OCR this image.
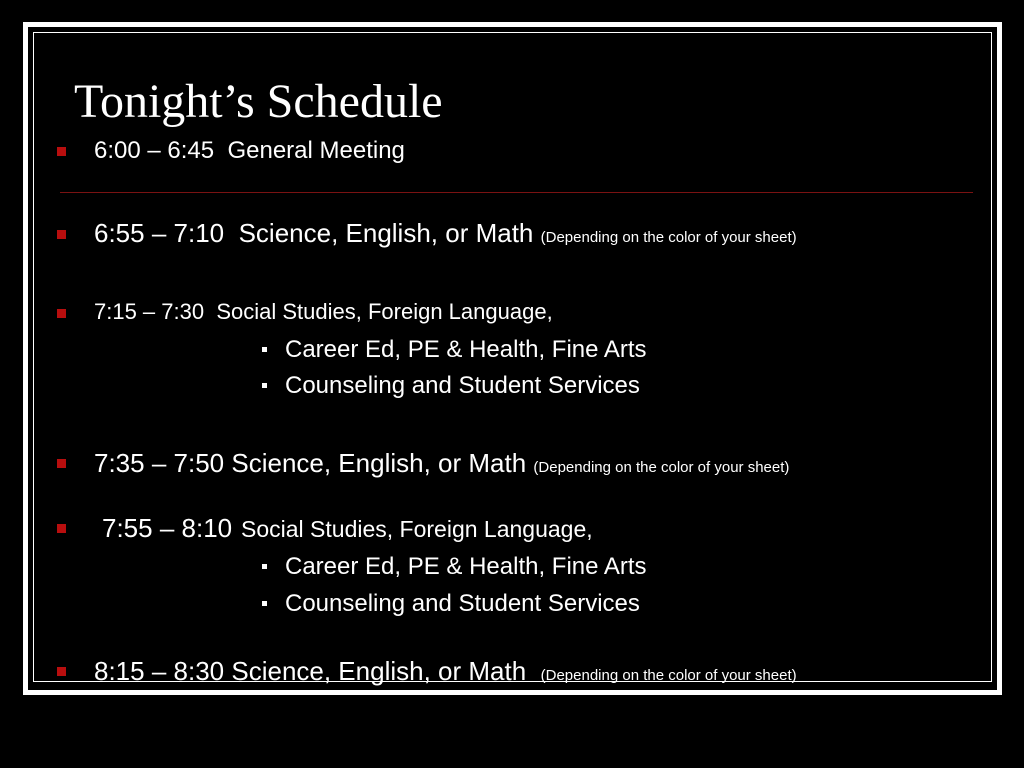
Tonight’s Schedule
6:00 – 6:45 General Meeting
6:55 – 7:10 Science, English, or Math (Depending on the color of your sheet)
7:15 – 7:30 Social Studies, Foreign Language,
Career Ed, PE & Health, Fine Arts
Counseling and Student Services
7:35 – 7:50 Science, English, or Math (Depending on the color of your sheet)
7:55 – 8:10 Social Studies, Foreign Language,
Career Ed, PE & Health, Fine Arts
Counseling and Student Services
8:15 – 8:30 Science, English, or Math (Depending on the color of your sheet)
